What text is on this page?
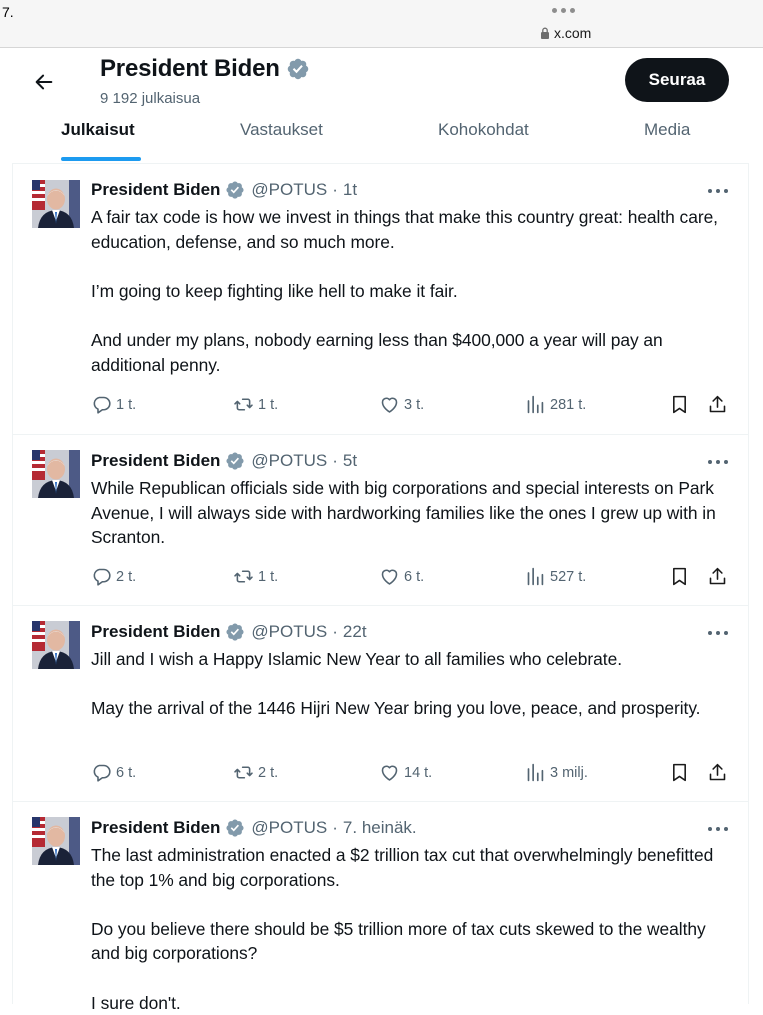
7.
x.com
President Biden
9 192 julkaisua
Seuraa
Julkaisut	Vastaukset	Kohokohdat	Media
President Biden @POTUS · 1t

A fair tax code is how we invest in things that make this country great: health care, education, defense, and so much more.

I’m going to keep fighting like hell to make it fair.

And under my plans, nobody earning less than $400,000 a year will pay an additional penny.

1 t.	1 t.	3 t.	281 t.
President Biden @POTUS · 5t

While Republican officials side with big corporations and special interests on Park Avenue, I will always side with hardworking families like the ones I grew up with in Scranton.

2 t.	1 t.	6 t.	527 t.
President Biden @POTUS · 22t

Jill and I wish a Happy Islamic New Year to all families who celebrate.

May the arrival of the 1446 Hijri New Year bring you love, peace, and prosperity.

6 t.	2 t.	14 t.	3 milj.
President Biden @POTUS · 7. heinäk.

The last administration enacted a $2 trillion tax cut that overwhelmingly benefitted the top 1% and big corporations.

Do you believe there should be $5 trillion more of tax cuts skewed to the wealthy and big corporations?

I sure don't.
